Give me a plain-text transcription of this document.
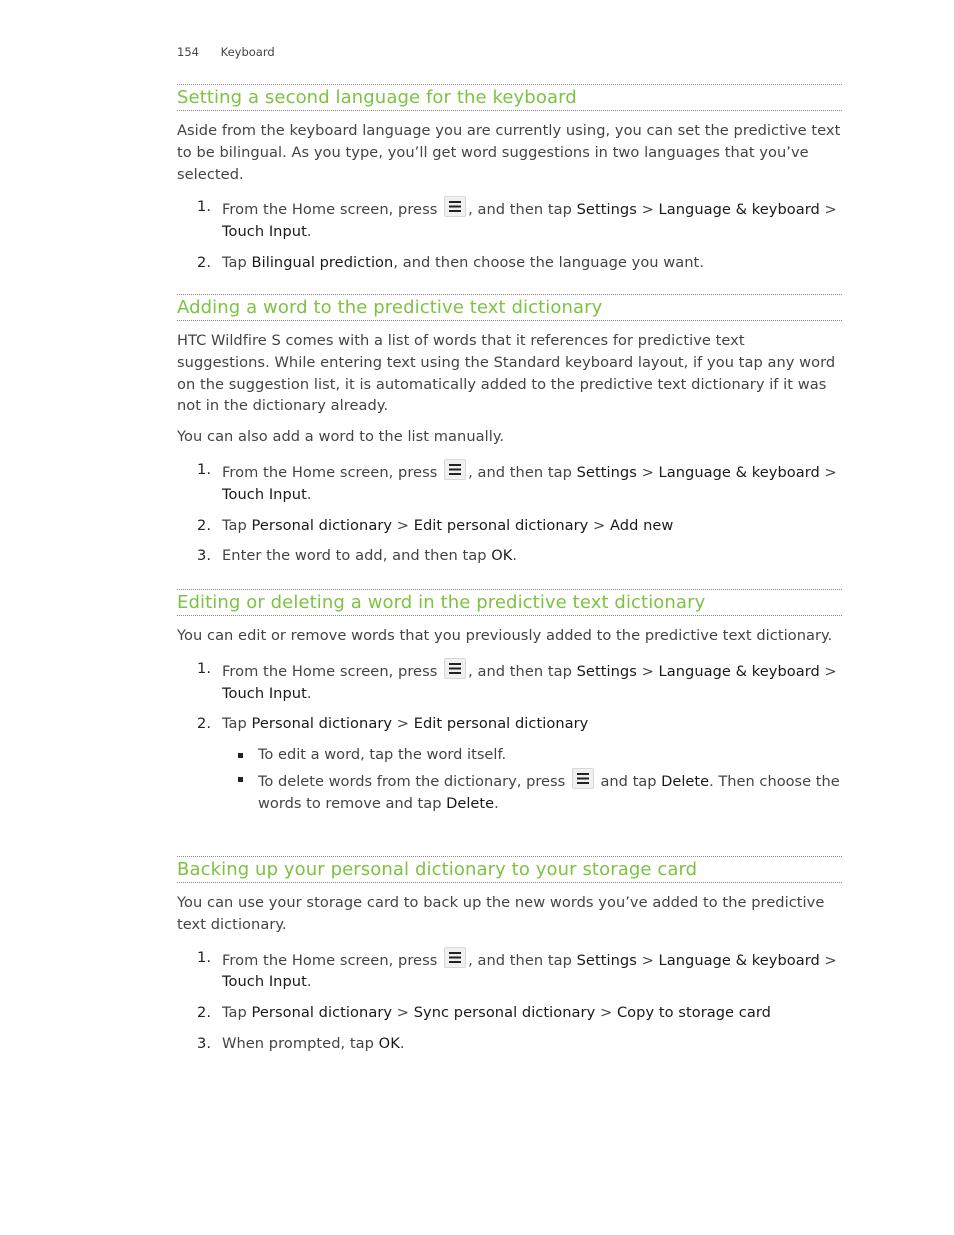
154 Keyboard
Setting a second language for the keyboard
Aside from the keyboard language you are currently using, you can set the predictive text to be bilingual. As you type, you’ll get word suggestions in two languages that you’ve selected.
1. From the Home screen, press
, and then tap Settings > Language & keyboard > Touch Input.
2. Tap Bilingual prediction, and then choose the language you want.
Adding a word to the predictive text dictionary
HTC Wildfire S comes with a list of words that it references for predictive text suggestions. While entering text using the Standard keyboard layout, if you tap any word on the suggestion list, it is automatically added to the predictive text dictionary if it was not in the dictionary already.
You can also add a word to the list manually.
1. From the Home screen, press
, and then tap Settings > Language & keyboard > Touch Input.
2. Tap Personal dictionary > Edit personal dictionary > Add new
3. Enter the word to add, and then tap OK.
Editing or deleting a word in the predictive text dictionary
You can edit or remove words that you previously added to the predictive text dictionary.
1. From the Home screen, press
, and then tap Settings > Language & keyboard > Touch Input.
2. Tap Personal dictionary > Edit personal dictionary
To edit a word, tap the word itself.
To delete words from the dictionary, press
and tap Delete. Then choose the words to remove and tap Delete.
Backing up your personal dictionary to your storage card
You can use your storage card to back up the new words you’ve added to the predictive text dictionary.
1. From the Home screen, press
, and then tap Settings > Language & keyboard > Touch Input.
2. Tap Personal dictionary > Sync personal dictionary > Copy to storage card
3. When prompted, tap OK.
